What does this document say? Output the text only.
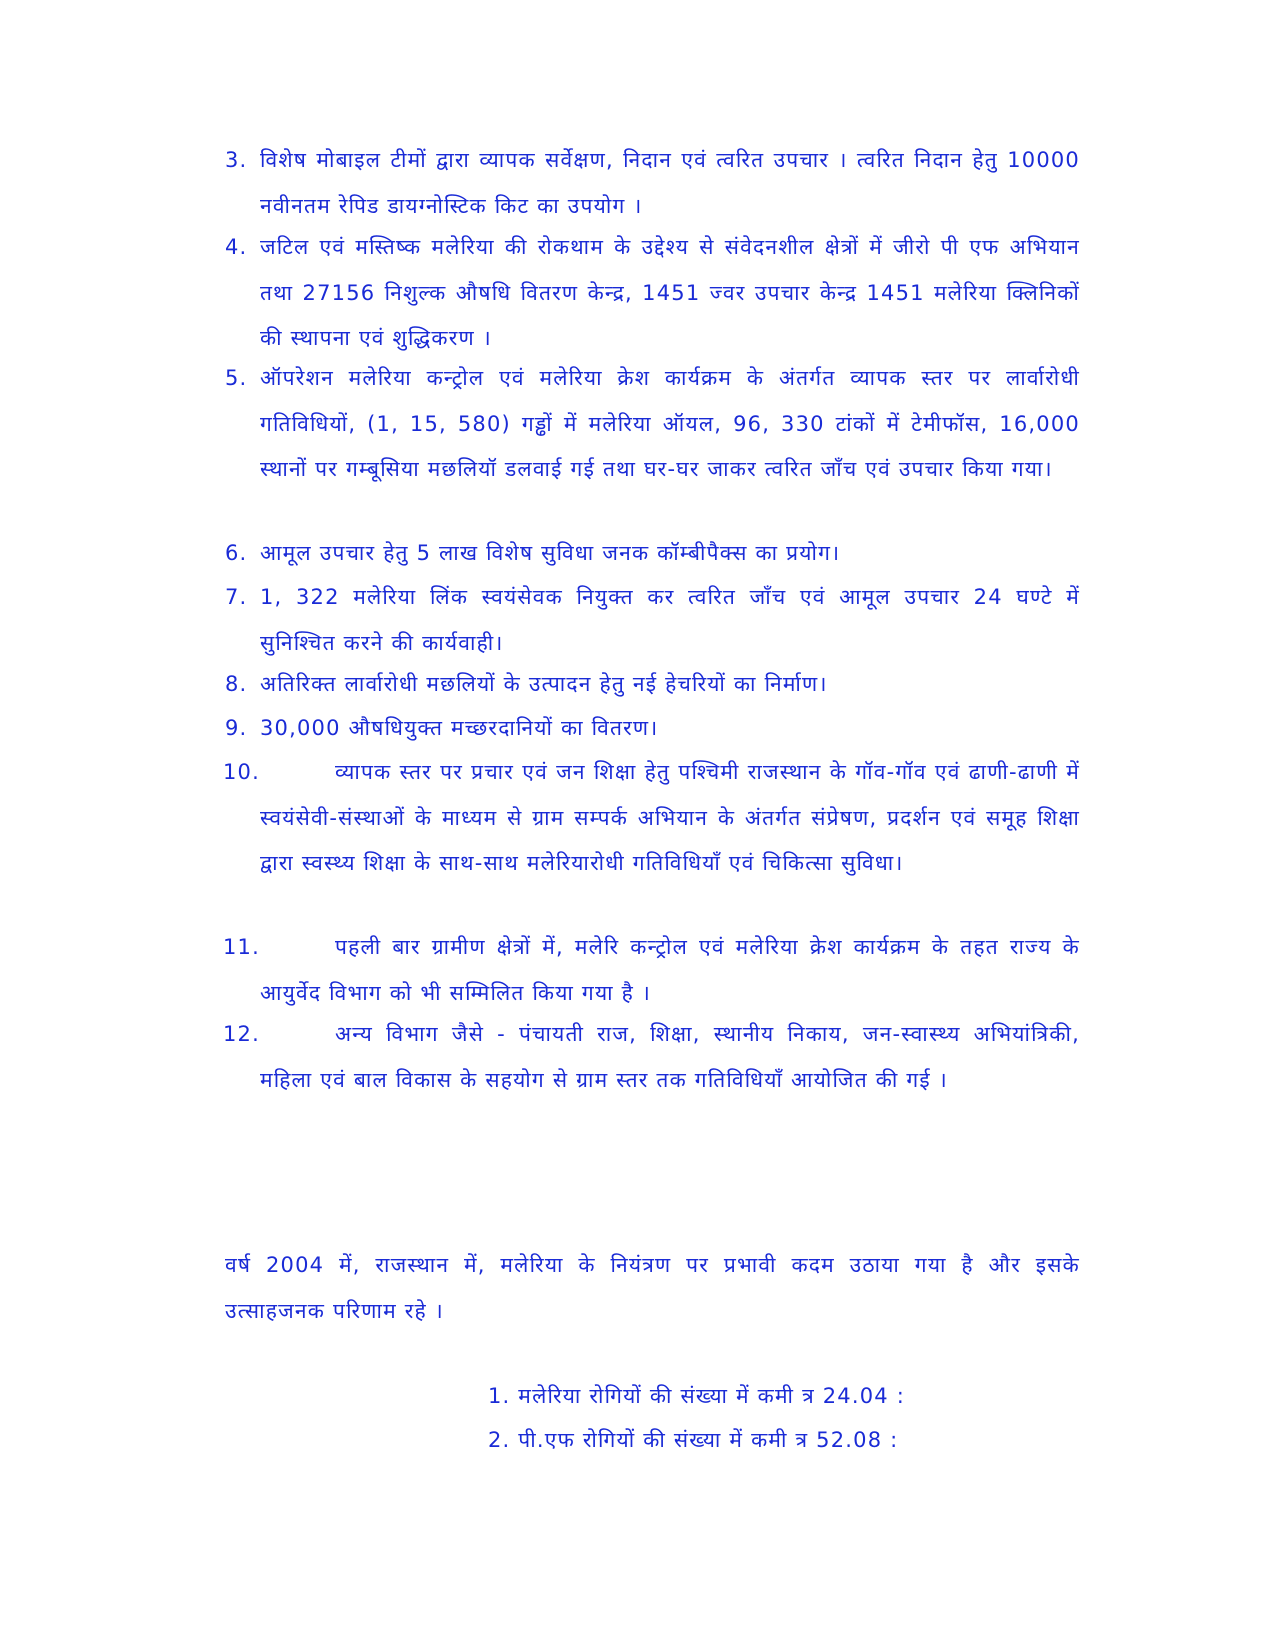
3. विशेष मोबाइल टीमों द्वारा व्यापक सर्वेक्षण, निदान एवं त्वरित उपचार । त्वरित निदान हेतु 10000 नवीनतम रेपिड डायग्नोस्टिक किट का उपयोग ।
4. जटिल एवं मस्तिष्क मलेरिया की रोकथाम के उद्देश्य से संवेदनशील क्षेत्रों में जीरो पी एफ अभियान तथा 27156 निशुल्क औषधि वितरण केन्द्र, 1451 ज्वर उपचार केन्द्र 1451 मलेरिया क्लिनिकों की स्थापना एवं शुद्धिकरण ।
5. ऑपरेशन मलेरिया कन्ट्रोल एवं मलेरिया क्रेश कार्यक्रम के अंतर्गत व्यापक स्तर पर लार्वारोधी गतिविधियों, (1, 15, 580) गड्ढों में मलेरिया ऑयल, 96, 330 टांकों में टेमीफॉस, 16,000 स्थानों पर गम्बूसिया मछलियॉ डलवाई गई तथा घर-घर जाकर त्वरित जाँच एवं उपचार किया गया।
6. आमूल उपचार हेतु 5 लाख विशेष सुविधा जनक कॉम्बीपैक्स का प्रयोग।
7. 1, 322 मलेरिया लिंक स्वयंसेवक नियुक्त कर त्वरित जाँच एवं आमूल उपचार 24 घण्टे में सुनिश्चित करने की कार्यवाही।
8. अतिरिक्त लार्वारोधी मछलियों के उत्पादन हेतु नई हेचरियों का निर्माण।
9. 30,000 औषधियुक्त मच्छरदानियों का वितरण।
10.	व्यापक स्तर पर प्रचार एवं जन शिक्षा हेतु पश्चिमी राजस्थान के गॉव-गॉव एवं ढाणी-ढाणी में स्वयंसेवी-संस्थाओं के माध्यम से ग्राम सम्पर्क अभियान के अंतर्गत संप्रेषण, प्रदर्शन एवं समूह शिक्षा द्वारा स्वस्थ्य शिक्षा के साथ-साथ मलेरियारोधी गतिविधियाँ एवं चिकित्सा सुविधा।
11.	पहली बार ग्रामीण क्षेत्रों में, मलेरि कन्ट्रोल एवं मलेरिया क्रेश कार्यक्रम के तहत राज्य के आयुर्वेद विभाग को भी सम्मिलित किया गया है ।
12.	अन्य विभाग जैसे - पंचायती राज, शिक्षा, स्थानीय निकाय, जन-स्वास्थ्य अभियांत्रिकी, महिला एवं बाल विकास के सहयोग से ग्राम स्तर तक गतिविधियाँ आयोजित की गई ।
वर्ष 2004 में, राजस्थान में, मलेरिया के नियंत्रण पर प्रभावी कदम उठाया गया है और इसके उत्साहजनक परिणाम रहे ।
1. मलेरिया रोगियों की संख्या में कमी त्र 24.04 :
2. पी.एफ रोगियों की संख्या में कमी त्र 52.08 :
